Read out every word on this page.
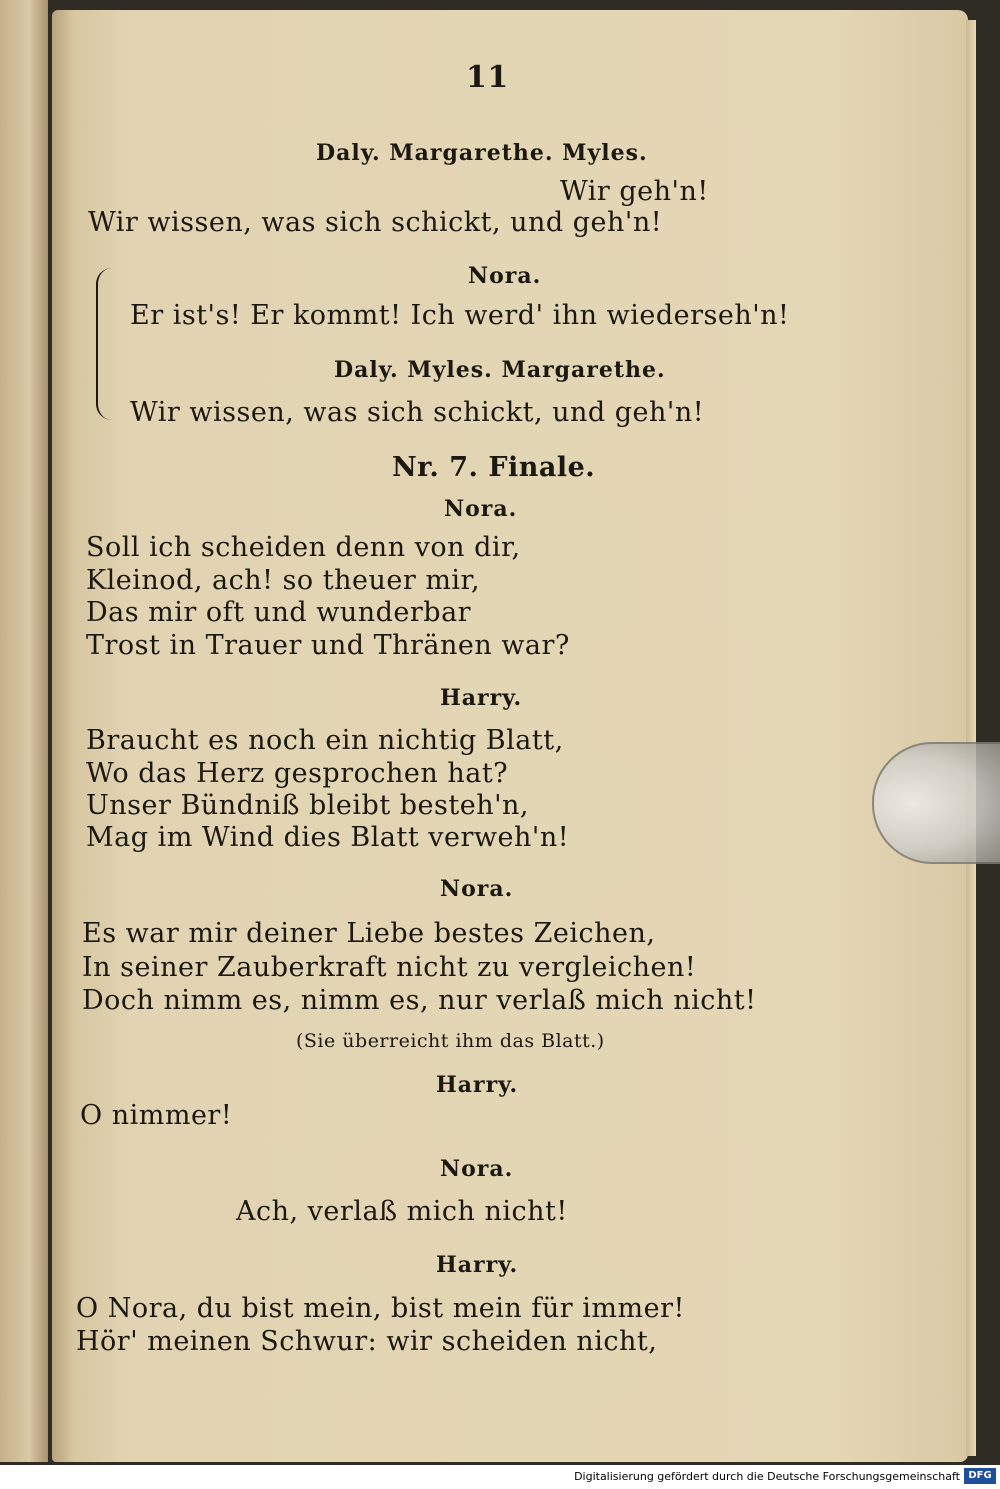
11
Daly. Margarethe. Myles.
Wir geh'n!
Wir wissen, was sich schickt, und geh'n!
Nora.
Er ist's! Er kommt! Ich werd' ihn wiederseh'n!
Daly. Myles. Margarethe.
Wir wissen, was sich schickt, und geh'n!
Nr. 7. Finale.
Nora.
Soll ich scheiden denn von dir,
Kleinod, ach! so theuer mir,
Das mir oft und wunderbar
Trost in Trauer und Thränen war?
Harry.
Braucht es noch ein nichtig Blatt,
Wo das Herz gesprochen hat?
Unser Bündniß bleibt besteh'n,
Mag im Wind dies Blatt verweh'n!
Nora.
Es war mir deiner Liebe bestes Zeichen,
In seiner Zauberkraft nicht zu vergleichen!
Doch nimm es, nimm es, nur verlaß mich nicht!
(Sie überreicht ihm das Blatt.)
Harry.
O nimmer!
Nora.
Ach, verlaß mich nicht!
Harry.
O Nora, du bist mein, bist mein für immer!
Hör' meinen Schwur: wir scheiden nicht,
Digitalisierung gefördert durch die Deutsche Forschungsgemeinschaft DFG
